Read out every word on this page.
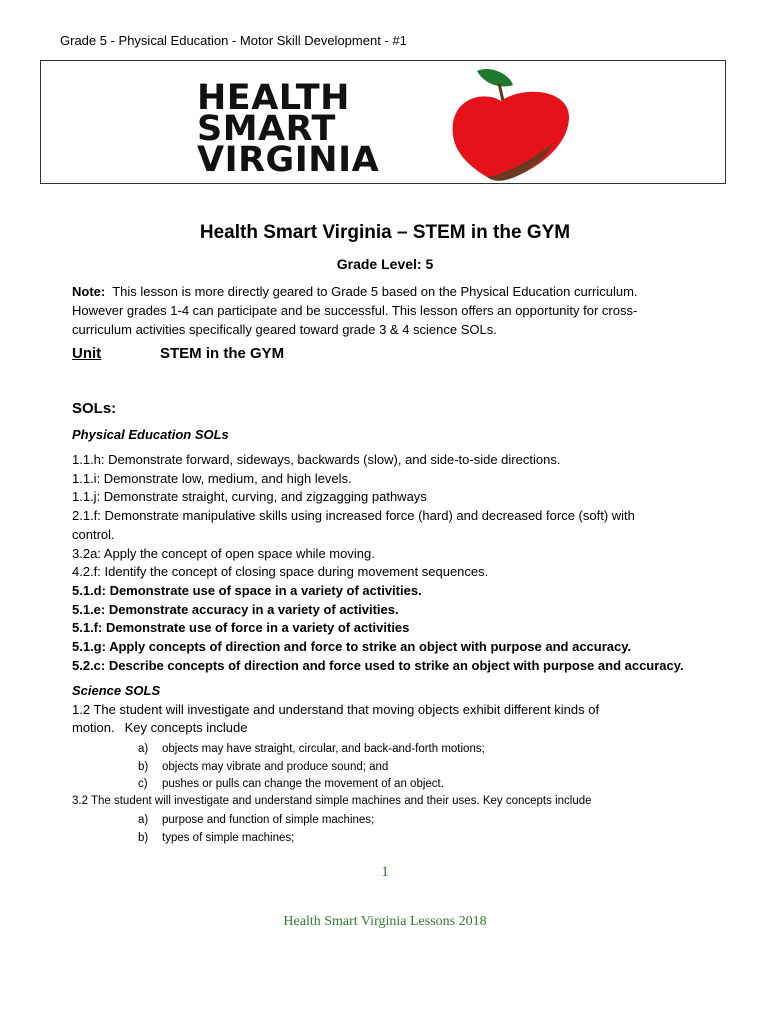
Grade 5 - Physical Education - Motor Skill Development - #1
HEALTH
SMART
VIRGINIA
Health Smart Virginia – STEM in the GYM
Grade Level: 5
Note: This lesson is more directly geared to Grade 5 based on the Physical Education curriculum.
However grades 1-4 can participate and be successful. This lesson offers an opportunity for cross-
curriculum activities specifically geared toward grade 3 & 4 science SOLs.
Unit	STEM in the GYM
SOLs:
Physical Education SOLs
1.1.h: Demonstrate forward, sideways, backwards (slow), and side-to-side directions.
1.1.i: Demonstrate low, medium, and high levels.
1.1.j: Demonstrate straight, curving, and zigzagging pathways
2.1.f: Demonstrate manipulative skills using increased force (hard) and decreased force (soft) with
control.
3.2a: Apply the concept of open space while moving.
4.2.f: Identify the concept of closing space during movement sequences.
5.1.d: Demonstrate use of space in a variety of activities.
5.1.e: Demonstrate accuracy in a variety of activities.
5.1.f: Demonstrate use of force in a variety of activities
5.1.g: Apply concepts of direction and force to strike an object with purpose and accuracy.
5.2.c: Describe concepts of direction and force used to strike an object with purpose and accuracy.
Science SOLS
1.2 The student will investigate and understand that moving objects exhibit different kinds of
motion. Key concepts include
a) objects may have straight, circular, and back-and-forth motions;
b) objects may vibrate and produce sound; and
c) pushes or pulls can change the movement of an object.
3.2 The student will investigate and understand simple machines and their uses. Key concepts include
a) purpose and function of simple machines;
b) types of simple machines;
1
Health Smart Virginia Lessons 2018
